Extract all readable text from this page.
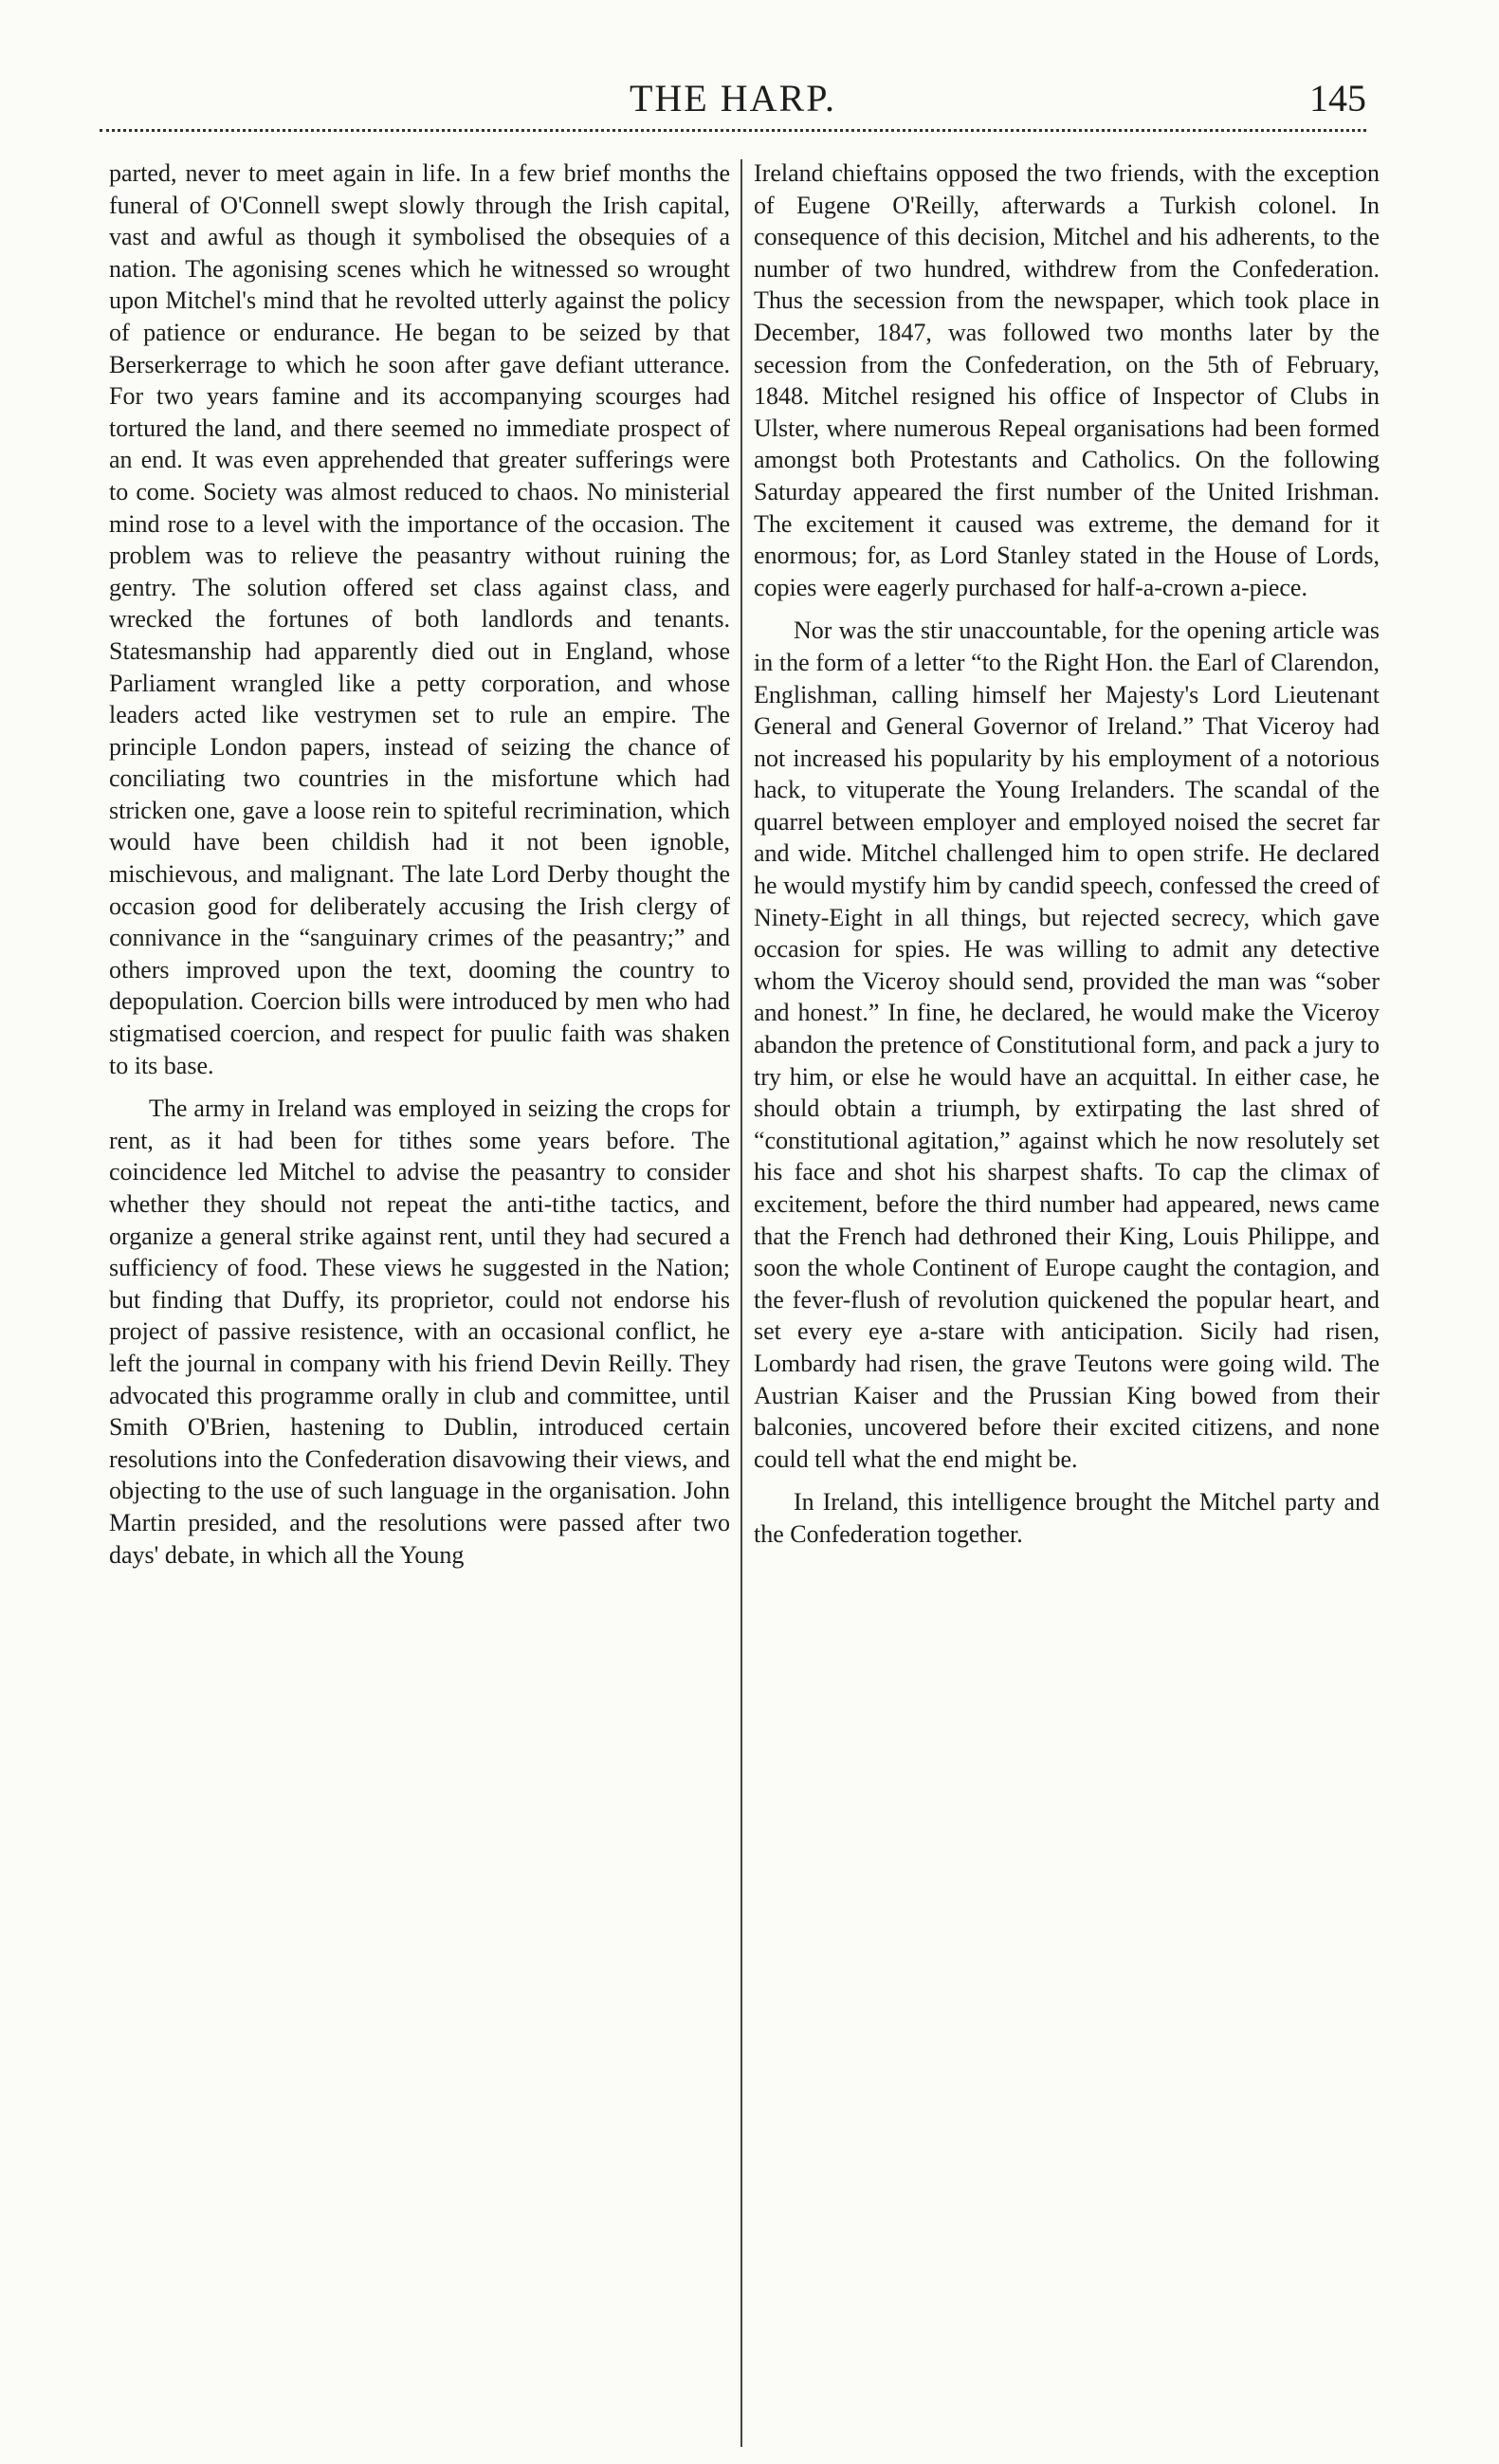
THE HARP.	145

parted, never to meet again in life. In a few brief months the funeral of O'Connell swept slowly through the Irish capital, vast and awful as though it symbolised the obsequies of a nation. The agonising scenes which he witnessed so wrought upon Mitchel's mind that he revolted utterly against the policy of patience or endurance. He began to be seized by that Berserkerrage to which he soon after gave defiant utterance. For two years famine and its accompanying scourges had tortured the land, and there seemed no immediate prospect of an end. It was even apprehended that greater sufferings were to come. Society was almost reduced to chaos. No ministerial mind rose to a level with the importance of the occasion. The problem was to relieve the peasantry without ruining the gentry. The solution offered set class against class, and wrecked the fortunes of both landlords and tenants. Statesmanship had apparently died out in England, whose Parliament wrangled like a petty corporation, and whose leaders acted like vestrymen set to rule an empire. The principle London papers, instead of seizing the chance of conciliating two countries in the misfortune which had stricken one, gave a loose rein to spiteful recrimination, which would have been childish had it not been ignoble, mischievous, and malignant. The late Lord Derby thought the occasion good for deliberately accusing the Irish clergy of connivance in the “sanguinary crimes of the peasantry;” and others improved upon the text, dooming the country to depopulation. Coercion bills were introduced by men who had stigmatised coercion, and respect for puulic faith was shaken to its base.

The army in Ireland was employed in seizing the crops for rent, as it had been for tithes some years before. The coincidence led Mitchel to advise the peasantry to consider whether they should not repeat the anti-tithe tactics, and organize a general strike against rent, until they had secured a sufficiency of food. These views he suggested in the Nation; but finding that Duffy, its proprietor, could not endorse his project of passive resistence, with an occasional conflict, he left the journal in company with his friend Devin Reilly. They advocated this programme orally in club and committee, until Smith O'Brien, hastening to Dublin, introduced certain resolutions into the Confederation disavowing their views, and objecting to the use of such language in the organisation. John Martin presided, and the resolutions were passed after two days' debate, in which all the Young

Ireland chieftains opposed the two friends, with the exception of Eugene O'Reilly, afterwards a Turkish colonel. In consequence of this decision, Mitchel and his adherents, to the number of two hundred, withdrew from the Confederation. Thus the secession from the newspaper, which took place in December, 1847, was followed two months later by the secession from the Confederation, on the 5th of February, 1848. Mitchel resigned his office of Inspector of Clubs in Ulster, where numerous Repeal organisations had been formed amongst both Protestants and Catholics. On the following Saturday appeared the first number of the United Irishman. The excitement it caused was extreme, the demand for it enormous; for, as Lord Stanley stated in the House of Lords, copies were eagerly purchased for half-a-crown a-piece.

Nor was the stir unaccountable, for the opening article was in the form of a letter “to the Right Hon. the Earl of Clarendon, Englishman, calling himself her Majesty's Lord Lieutenant General and General Governor of Ireland.” That Viceroy had not increased his popularity by his employment of a notorious hack, to vituperate the Young Irelanders. The scandal of the quarrel between employer and employed noised the secret far and wide. Mitchel challenged him to open strife. He declared he would mystify him by candid speech, confessed the creed of Ninety-Eight in all things, but rejected secrecy, which gave occasion for spies. He was willing to admit any detective whom the Viceroy should send, provided the man was “sober and honest.” In fine, he declared, he would make the Viceroy abandon the pretence of Constitutional form, and pack a jury to try him, or else he would have an acquittal. In either case, he should obtain a triumph, by extirpating the last shred of “constitutional agitation,” against which he now resolutely set his face and shot his sharpest shafts. To cap the climax of excitement, before the third number had appeared, news came that the French had dethroned their King, Louis Philippe, and soon the whole Continent of Europe caught the contagion, and the fever-flush of revolution quickened the popular heart, and set every eye a-stare with anticipation. Sicily had risen, Lombardy had risen, the grave Teutons were going wild. The Austrian Kaiser and the Prussian King bowed from their balconies, uncovered before their excited citizens, and none could tell what the end might be.

In Ireland, this intelligence brought the Mitchel party and the Confederation together.
